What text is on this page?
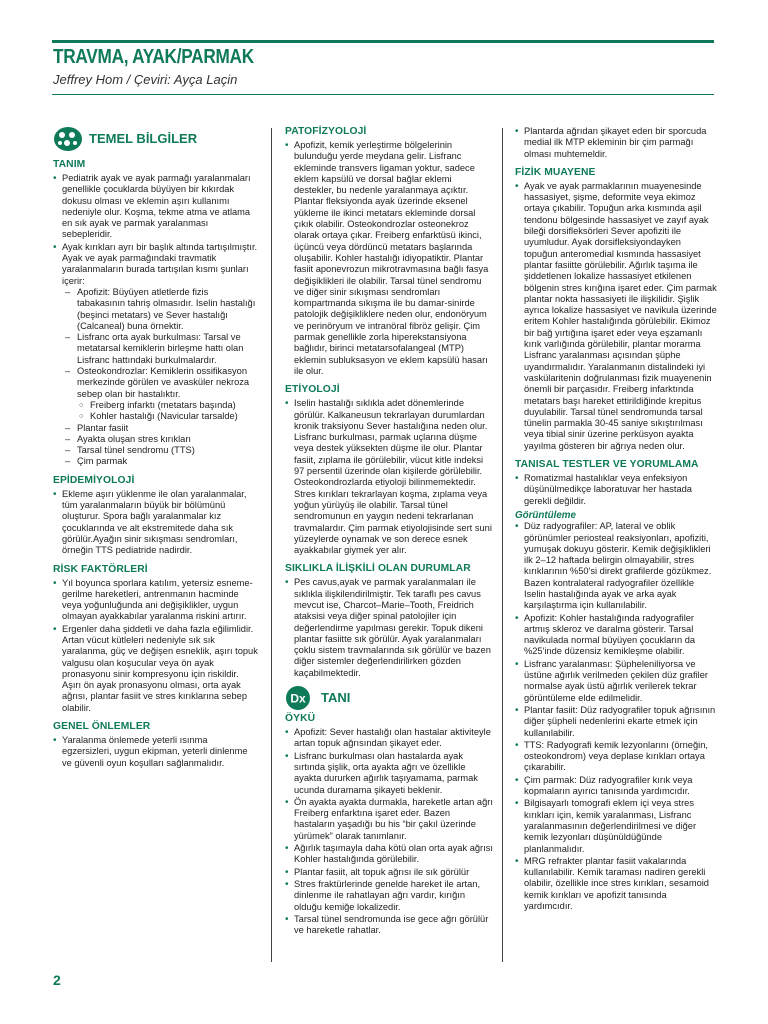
TRAVMA, AYAK/PARMAK
Jeffrey Hom / Çeviri: Ayça Laçin
TEMEL BİLGİLER
TANIM
• Pediatrik ayak ve ayak parmağı yaralanmaları genellikle çocuklarda büyüyen bir kıkırdak dokusu olması ve eklemin aşırı kullanımı nedeniyle olur. Koşma, tekme atma ve atlama en sık ayak ve parmak yaralanması sebepleridir.
• Ayak kırıkları ayrı bir başlık altında tartışılmıştır. Ayak ve ayak parmağındaki travmatik yaralanmaların burada tartışılan kısmı şunları içerir:
– Apofizit: Büyüyen atletlerde fizis tabakasının tahriş olmasıdır. Iselin hastalığı (beşinci metatars) ve Sever hastalığı (Calcaneal) buna örnektir.
– Lisfranc orta ayak burkulması: Tarsal ve metatarsal kemiklerin birleşme hattı olan Lisfranc hattındaki burkulmalardır.
– Osteokondrozlar: Kemiklerin ossifikasyon merkezinde görülen ve avasküler nekroza sebep olan bir hastalıktır.
○ Freiberg infarktı (metatars başında)
○ Kohler hastalığı (Navicular tarsalde)
– Plantar fasiit
– Ayakta oluşan stres kırıkları
– Tarsal tünel sendromu (TTS)
– Çim parmak
EPİDEMİYOLOJİ
• Ekleme aşırı yüklenme ile olan yaralanmalar, tüm yaralanmaların büyük bir bölümünü oluşturur. Spora bağlı yaralanmalar kız çocuklarında ve alt ekstremitede daha sık görülür.Ayağın sinir sıkışması sendromları, örneğin TTS pediatride nadirdir.
RİSK FAKTÖRLERİ
• Yıl boyunca sporlara katılım, yetersiz esneme-gerilme hareketleri, antrenmanın hacminde veya yoğunluğunda ani değişiklikler, uygun olmayan ayakkabılar yaralanma riskini artırır.
• Ergenler daha şiddetli ve daha fazla eğilimlidir. Artan vücut kütleleri nedeniyle sık sık yaralanma, güç ve değişen esneklik, aşırı topuk valgusu olan koşucular veya ön ayak pronasyonu sinir kompresyonu için riskildir. Aşırı ön ayak pronasyonu olması, orta ayak ağrısı, plantar fasiit ve stres kırıklarına sebep olabilir.
GENEL ÖNLEMLER
• Yaralanma önlemede yeterli ısınma egzersizleri, uygun ekipman, yeterli dinlenme ve güvenli oyun koşulları sağlanmalıdır.
PATOFİZYOLOJİ
• Apofizit, kemik yerleştirme bölgelerinin bulunduğu yerde meydana gelir. Lisfranc ekleminde transvers ligaman yoktur, sadece eklem kapsülü ve dorsal bağlar eklemi destekler, bu nedenle yaralanmaya açıktır. Plantar fleksiyonda ayak üzerinde eksenel yükleme ile ikinci metatars ekleminde dorsal çıkık olabilir. Osteokondrozlar osteonekroz olarak ortaya çıkar. Freiberg enfarktüsü ikinci, üçüncü veya dördüncü metatars başlarında oluşabilir. Kohler hastalığı idiyopatiktir. Plantar fasiit aponevrozun mikrotravmasına bağlı fasya değişiklikleri ile olabilir. Tarsal tünel sendromu ve diğer sinir sıkışması sendromları kompartmanda sıkışma ile bu damar-sinirde patolojik değişikliklere neden olur, endonöryum ve perinöryum ve intranöral fibröz gelişir. Çim parmak genellikle zorla hiperekstansiyona bağlıdır, birinci metatarsofalangeal (MTP) eklemin subluksasyon ve eklem kapsülü hasarı ile olur.
ETİYOLOJİ
• Iselin hastalığı sıklıkla adet dönemlerinde görülür. Kalkaneusun tekrarlayan durumlardan kronik traksiyonu Sever hastalığına neden olur. Lisfranc burkulması, parmak uçlarına düşme veya destek yüksekten düşme ile olur. Plantar fasiit, zıplama ile görülebilir, vücut kitle indeksi 97 persentil üzerinde olan kişilerde görülebilir. Osteokondrozlarda etiyoloji bilinmemektedir. Stres kırıkları tekrarlayan koşma, zıplama veya yoğun yürüyüş ile olabilir. Tarsal tünel sendromunun en yaygın nedeni tekrarlanan travmalardır. Çim parmak etiyolojisinde sert suni yüzeylerde oynamak ve son derece esnek ayakkabılar giymek yer alır.
SIKLIKLA İLİŞKİLİ OLAN DURUMLAR
• Pes cavus,ayak ve parmak yaralanmaları ile sıklıkla ilişkilendirilmiştir. Tek taraflı pes cavus mevcut ise, Charcot–Marie–Tooth, Freidrich ataksisi veya diğer spinal patolojiler için değerlendirme yapılması gerekir. Topuk dikeni plantar fasiitte sık görülür. Ayak yaralanmaları çoklu sistem travmalarında sık görülür ve bazen diğer sistemler değerlendirilirken gözden kaçabilmektedir.
Dx TANI
ÖYKÜ
• Apofizit: Sever hastalığı olan hastalar aktiviteyle artan topuk ağrısından şikayet eder.
• Lisfranc burkulması olan hastalarda ayak sırtında şişlik, orta ayakta ağrı ve özellikle ayakta dururken ağırlık taşıyamama, parmak ucunda duramama şikayeti beklenir.
• Ön ayakta ayakta durmakla, hareketle artan ağrı Freiberg enfarktına işaret eder. Bazen hastaların yaşadığı bu his “bir çakıl üzerinde yürümek” olarak tanımlanır.
• Ağırlık taşımayla daha kötü olan orta ayak ağrısı Kohler hastalığında görülebilir.
• Plantar fasiit, alt topuk ağrısı ile sık görülür
• Stres fraktürlerinde genelde hareket ile artan, dinlenme ile rahatlayan ağrı vardır, kırığın olduğu kemiğe lokalizedir.
• Tarsal tünel sendromunda ise gece ağrı görülür ve hareketle rahatlar.
• Plantarda ağrıdan şikayet eden bir sporcuda medial ilk MTP ekleminin bir çim parmağı olması muhtemeldir.
FİZİK MUAYENE
• Ayak ve ayak parmaklarının muayenesinde hassasiyet, şişme, deformite veya ekimoz ortaya çıkabilir. Topuğun arka kısmında aşil tendonu bölgesinde hassasiyet ve zayıf ayak bileği dorsifleksörleri Sever apofiziti ile uyumludur. Ayak dorsifleksiyondayken topuğun anteromedial kısmında hassasiyet plantar fasiitte görülebilir. Ağırlık taşıma ile şiddetlenen lokalize hassasiyet etkilenen bölgenin stres kırığına işaret eder. Çim parmak plantar nokta hassasiyeti ile ilişkilidir. Şişlik ayrıca lokalize hassasiyet ve navikula üzerinde eritem Kohler hastalığında görülebilir. Ekimoz bir bağ yırtığına işaret eder veya eşzamanlı kırık varlığında görülebilir, plantar morarma Lisfranc yaralanması açısından şüphe uyandırmalıdır. Yaralanmanın distalindeki iyi vaskülaritenin doğrulanması fizik muayenenin önemli bir parçasıdır. Freiberg infarktında metatars başı hareket ettirildiğinde krepitus duyulabilir. Tarsal tünel sendromunda tarsal tünelin parmakla 30-45 saniye sıkıştırılması veya tibial sinir üzerine perküsyon ayakta yayılma gösteren bir ağrıya neden olur.
TANISAL TESTLER VE YORUMLAMA
• Romatizmal hastalıklar veya enfeksiyon düşünülmedikçe laboratuvar her hastada gerekli değildir.
Görüntüleme
• Düz radyografiler: AP, lateral ve oblik görünümler periosteal reaksiyonları, apofiziti, yumuşak dokuyu gösterir. Kemik değişiklikleri ilk 2–12 haftada belirgin olmayabilir, stres kırıklarının %50'si direkt grafilerde gözükmez. Bazen kontralateral radyografiler özellikle Iselin hastalığında ayak ve arka ayak karşılaştırma için kullanılabilir.
• Apofizit: Kohler hastalığında radyografiler artmış skleroz ve daralma gösterir. Tarsal navikulada normal büyüyen çocukların da %25'inde düzensiz kemikleşme olabilir.
• Lisfranc yaralanması: Şüpheleniliyorsa ve üstüne ağırlık verilmeden çekilen düz grafiler normalse ayak üstü ağırlık verilerek tekrar görüntüleme elde edilmelidir.
• Plantar fasiit: Düz radyografiler topuk ağrısının diğer şüpheli nedenlerini ekarte etmek için kullanılabilir.
• TTS: Radyografi kemik lezyonlarını (örneğin, osteokondrom) veya deplase kırıkları ortaya çıkarabilir.
• Çim parmak: Düz radyografiler kırık veya kopmaların ayırıcı tanısında yardımcıdır.
• Bilgisayarlı tomografi eklem içi veya stres kırıkları için, kemik yaralanması, Lisfranc yaralanmasının değerlendirilmesi ve diğer kemik lezyonları düşünüldüğünde planlanmalıdır.
• MRG refrakter plantar fasiit vakalarında kullanılabilir. Kemik taraması nadiren gerekli olabilir, özellikle ince stres kırıkları, sesamoid kemik kırıkları ve apofizit tanısında yardımcıdır.
2
